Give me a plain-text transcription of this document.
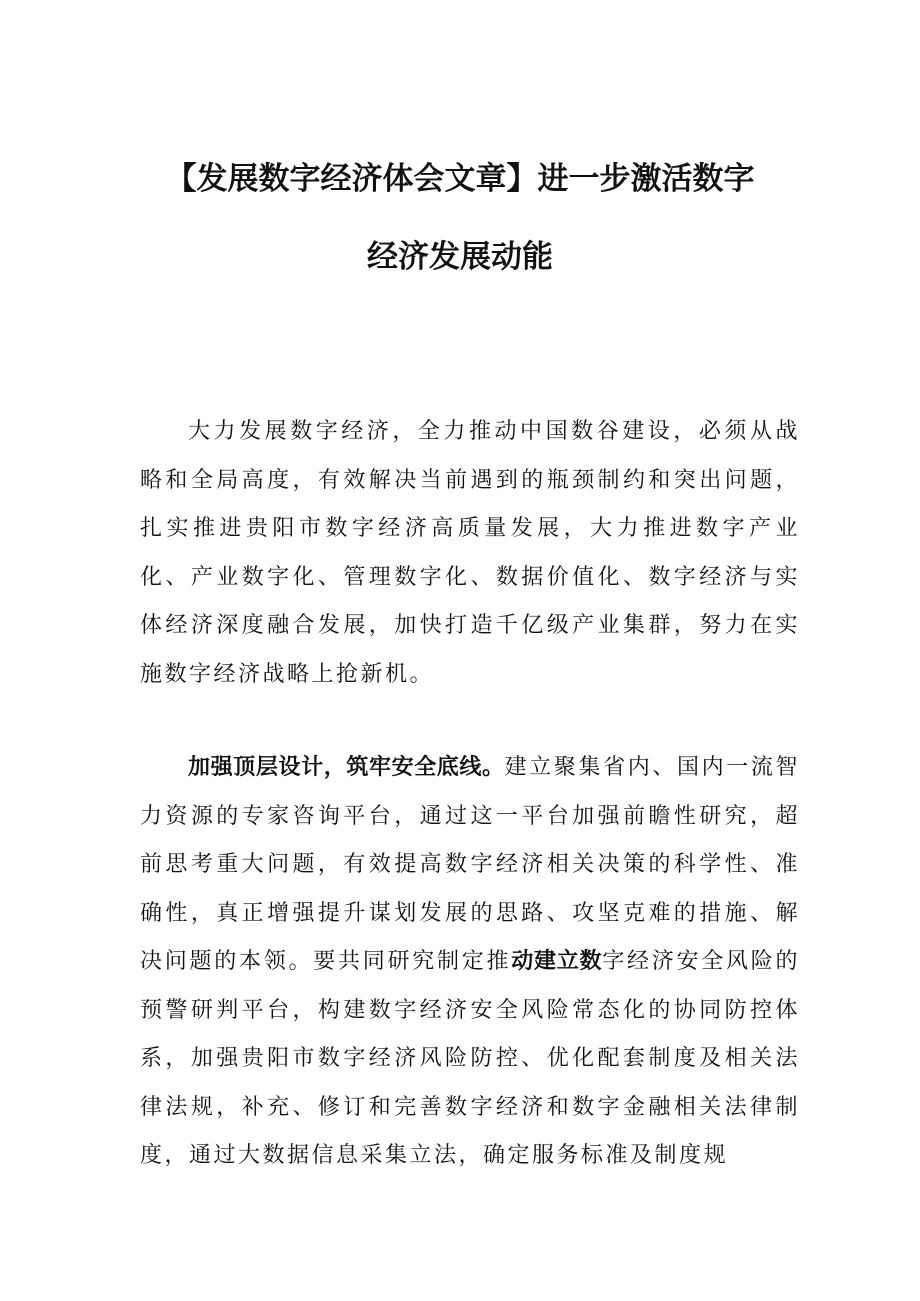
【发展数字经济体会文章】进一步激活数字
经济发展动能

大力发展数字经济，全力推动中国数谷建设，必须从战略和全局高度，有效解决当前遇到的瓶颈制约和突出问题，扎实推进贵阳市数字经济高质量发展，大力推进数字产业化、产业数字化、管理数字化、数据价值化、数字经济与实体经济深度融合发展，加快打造千亿级产业集群，努力在实施数字经济战略上抢新机。

加强顶层设计，筑牢安全底线。建立聚集省内、国内一流智力资源的专家咨询平台，通过这一平台加强前瞻性研究，超前思考重大问题，有效提高数字经济相关决策的科学性、准确性，真正增强提升谋划发展的思路、攻坚克难的措施、解决问题的本领。要共同研究制定推动建立数字经济安全风险的预警研判平台，构建数字经济安全风险常态化的协同防控体系，加强贵阳市数字经济风险防控、优化配套制度及相关法律法规，补充、修订和完善数字经济和数字金融相关法律制度，通过大数据信息采集立法，确定服务标准及制度规
